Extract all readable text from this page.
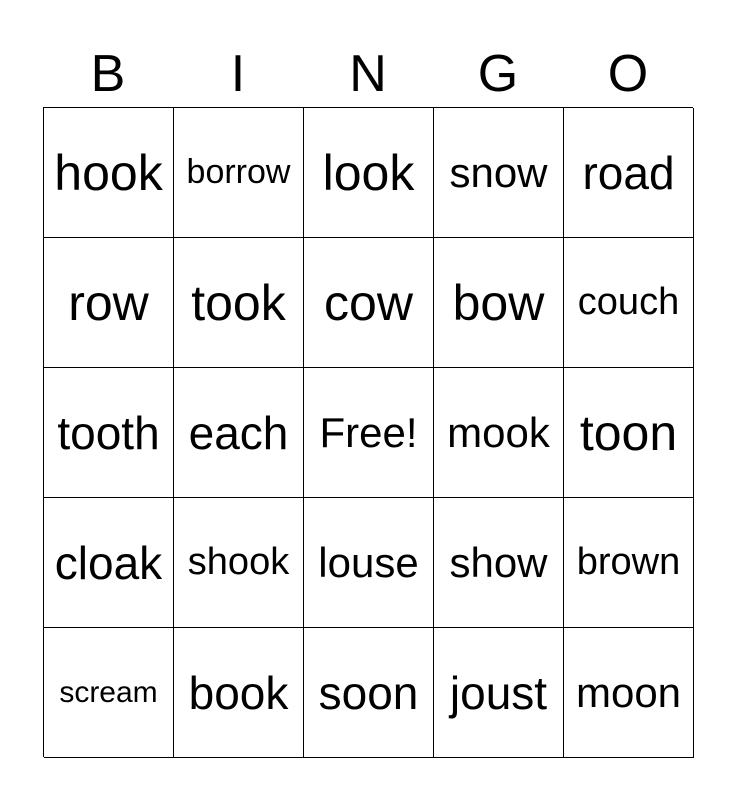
B	I	N	G	O
hook borrow look snow road
row took cow bow couch
tooth each Free! mook toon
cloak shook louse show brown
scream book soon joust moon
